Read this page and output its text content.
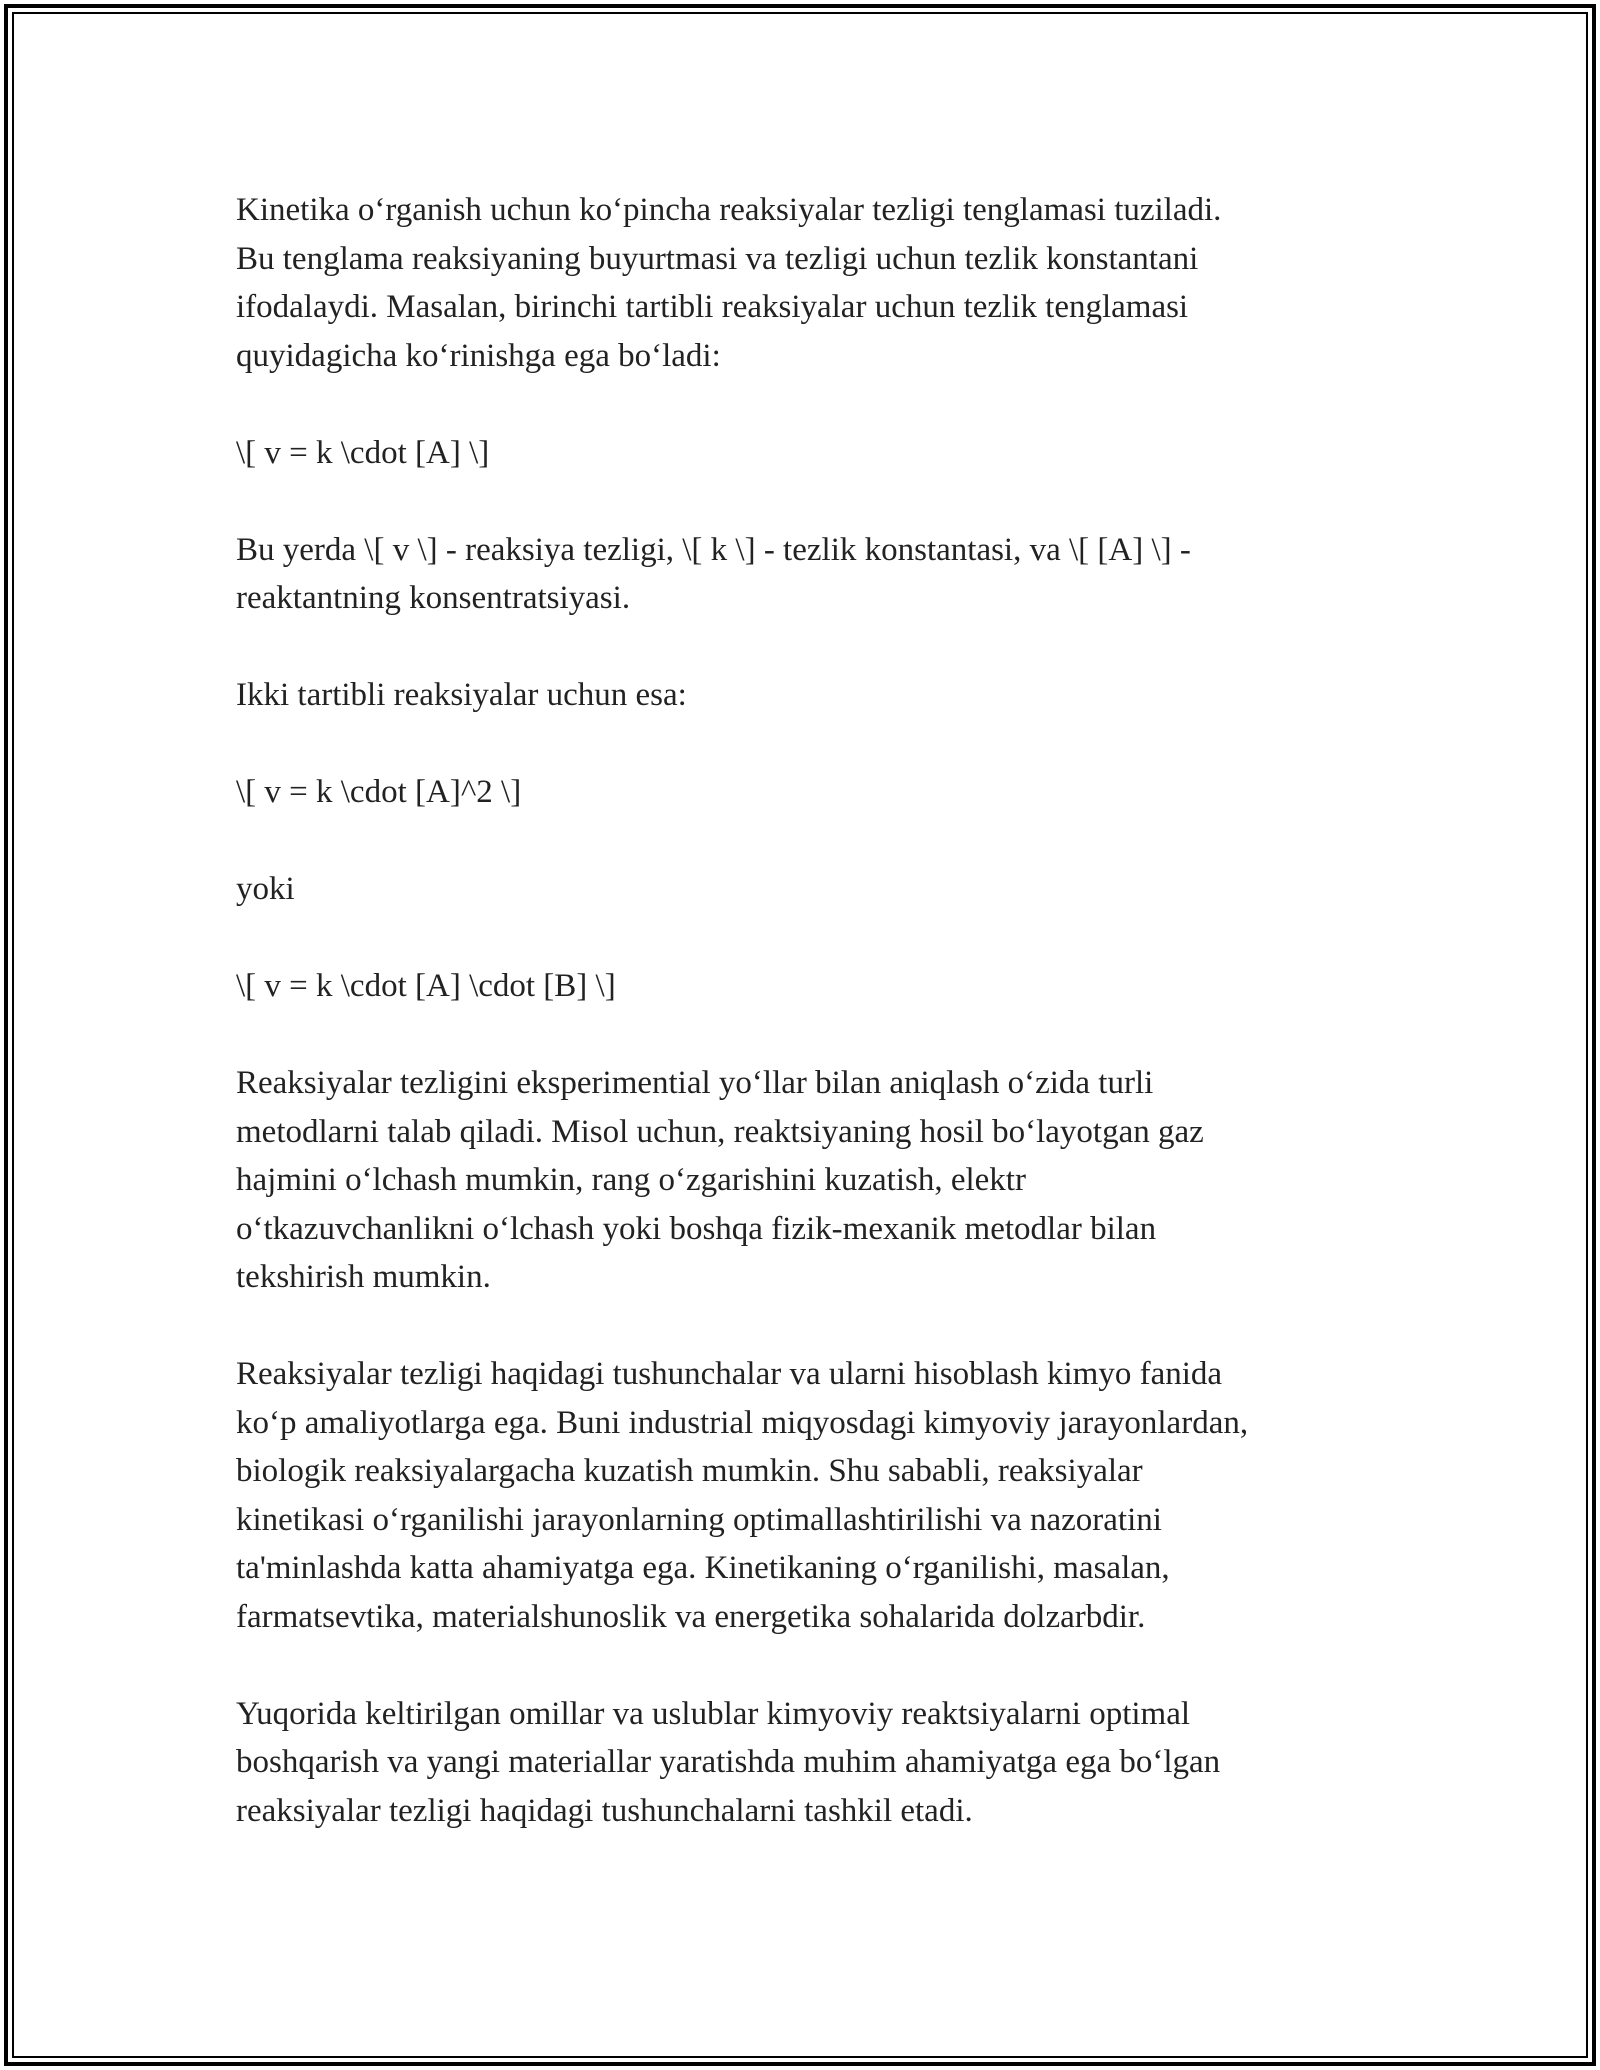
Kinetika o‘rganish uchun ko‘pincha reaksiyalar tezligi tenglamasi tuziladi.
Bu tenglama reaksiyaning buyurtmasi va tezligi uchun tezlik konstantani
ifodalaydi. Masalan, birinchi tartibli reaksiyalar uchun tezlik tenglamasi
quyidagicha ko‘rinishga ega bo‘ladi:

\[ v = k \cdot [A] \]

Bu yerda \[ v \] - reaksiya tezligi, \[ k \] - tezlik konstantasi, va \[ [A] \] -
reaktantning konsentratsiyasi.

Ikki tartibli reaksiyalar uchun esa:

\[ v = k \cdot [A]^2 \]

yoki

\[ v = k \cdot [A] \cdot [B] \]

Reaksiyalar tezligini eksperimential yo‘llar bilan aniqlash o‘zida turli
metodlarni talab qiladi. Misol uchun, reaktsiyaning hosil bo‘layotgan gaz
hajmini o‘lchash mumkin, rang o‘zgarishini kuzatish, elektr
o‘tkazuvchanlikni o‘lchash yoki boshqa fizik-mexanik metodlar bilan
tekshirish mumkin.

Reaksiyalar tezligi haqidagi tushunchalar va ularni hisoblash kimyo fanida
ko‘p amaliyotlarga ega. Buni industrial miqyosdagi kimyoviy jarayonlardan,
biologik reaksiyalargacha kuzatish mumkin. Shu sababli, reaksiyalar
kinetikasi o‘rganilishi jarayonlarning optimallashtirilishi va nazoratini
ta'minlashda katta ahamiyatga ega. Kinetikaning o‘rganilishi, masalan,
farmatsevtika, materialshunoslik va energetika sohalarida dolzarbdir.

Yuqorida keltirilgan omillar va uslublar kimyoviy reaktsiyalarni optimal
boshqarish va yangi materiallar yaratishda muhim ahamiyatga ega bo‘lgan
reaksiyalar tezligi haqidagi tushunchalarni tashkil etadi.
